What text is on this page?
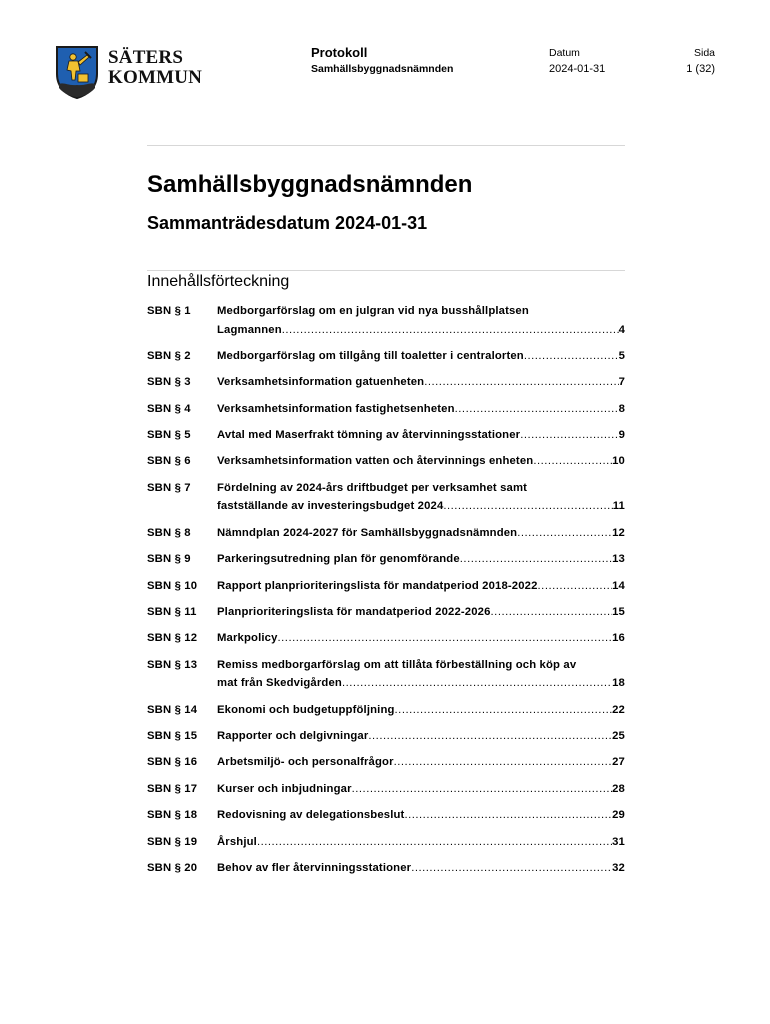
SÄTERS
KOMMUN
Protokoll
Samhällsbyggnadsnämnden
Datum
2024-01-31
Sida
1 (32)
Samhällsbyggnadsnämnden
Sammanträdesdatum 2024-01-31
Innehållsförteckning
SBN § 1 Medborgarförslag om en julgran vid nya busshållplatsen
Lagmannen .....	4
SBN § 2 Medborgarförslag om tillgång till toaletter i centralorten .....	5
SBN § 3 Verksamhetsinformation gatuenheten .....	7
SBN § 4 Verksamhetsinformation fastighetsenheten .....	8
SBN § 5 Avtal med Maserfrakt tömning av återvinningsstationer .....	9
SBN § 6 Verksamhetsinformation vatten och återvinnings enheten .....	10
SBN § 7 Fördelning av 2024-års driftbudget per verksamhet samt
fastställande av investeringsbudget 2024 .....	11
SBN § 8 Nämndplan 2024-2027 för Samhällsbyggnadsnämnden .....	12
SBN § 9 Parkeringsutredning plan för genomförande .....	13
SBN § 10 Rapport planprioriteringslista för mandatperiod 2018-2022 .....	14
SBN § 11 Planprioriteringslista för mandatperiod 2022-2026 .....	15
SBN § 12 Markpolicy .....	16
SBN § 13 Remiss medborgarförslag om att tillåta förbeställning och köp av
mat från Skedvigården .....	18
SBN § 14 Ekonomi och budgetuppföljning .....	22
SBN § 15 Rapporter och delgivningar .....	25
SBN § 16 Arbetsmiljö- och personalfrågor .....	27
SBN § 17 Kurser och inbjudningar .....	28
SBN § 18 Redovisning av delegationsbeslut .....	29
SBN § 19 Årshjul .....	31
SBN § 20 Behov av fler återvinningsstationer .....	32
